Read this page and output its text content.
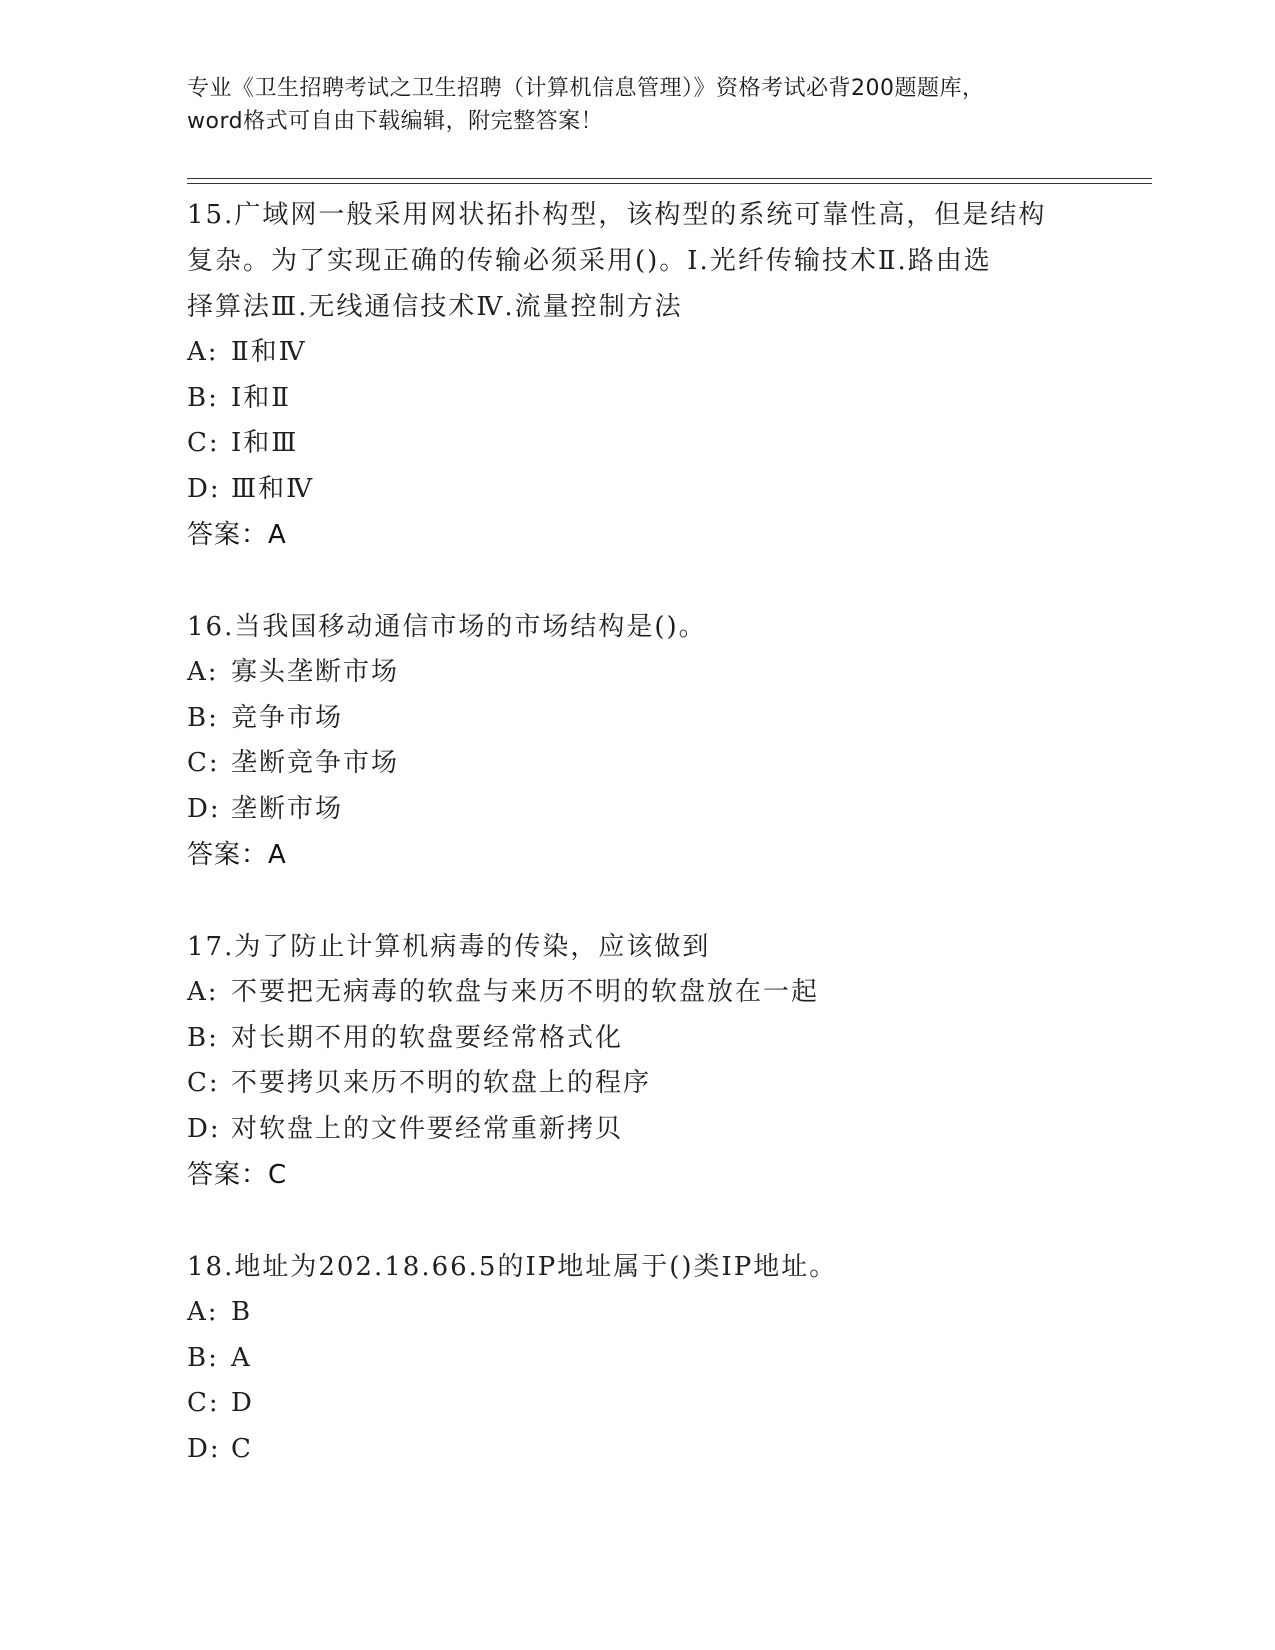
专业《卫生招聘考试之卫生招聘（计算机信息管理）》资格考试必背200题题库，
word格式可自由下载编辑，附完整答案！

15.广域网一般采用网状拓扑构型，该构型的系统可靠性高，但是结构

复杂。为了实现正确的传输必须采用()。Ⅰ.光纤传输技术Ⅱ.路由选

择算法Ⅲ.无线通信技术Ⅳ.流量控制方法

A: Ⅱ和Ⅳ

B: Ⅰ和Ⅱ

C: Ⅰ和Ⅲ

D: Ⅲ和Ⅳ

答案：A

16.当我国移动通信市场的市场结构是()。

A: 寡头垄断市场

B: 竞争市场

C: 垄断竞争市场

D: 垄断市场

答案：A

17.为了防止计算机病毒的传染，应该做到

A: 不要把无病毒的软盘与来历不明的软盘放在一起

B: 对长期不用的软盘要经常格式化

C: 不要拷贝来历不明的软盘上的程序

D: 对软盘上的文件要经常重新拷贝

答案：C

18.地址为202.18.66.5的IP地址属于()类IP地址。

A: B

B: A

C: D

D: C
